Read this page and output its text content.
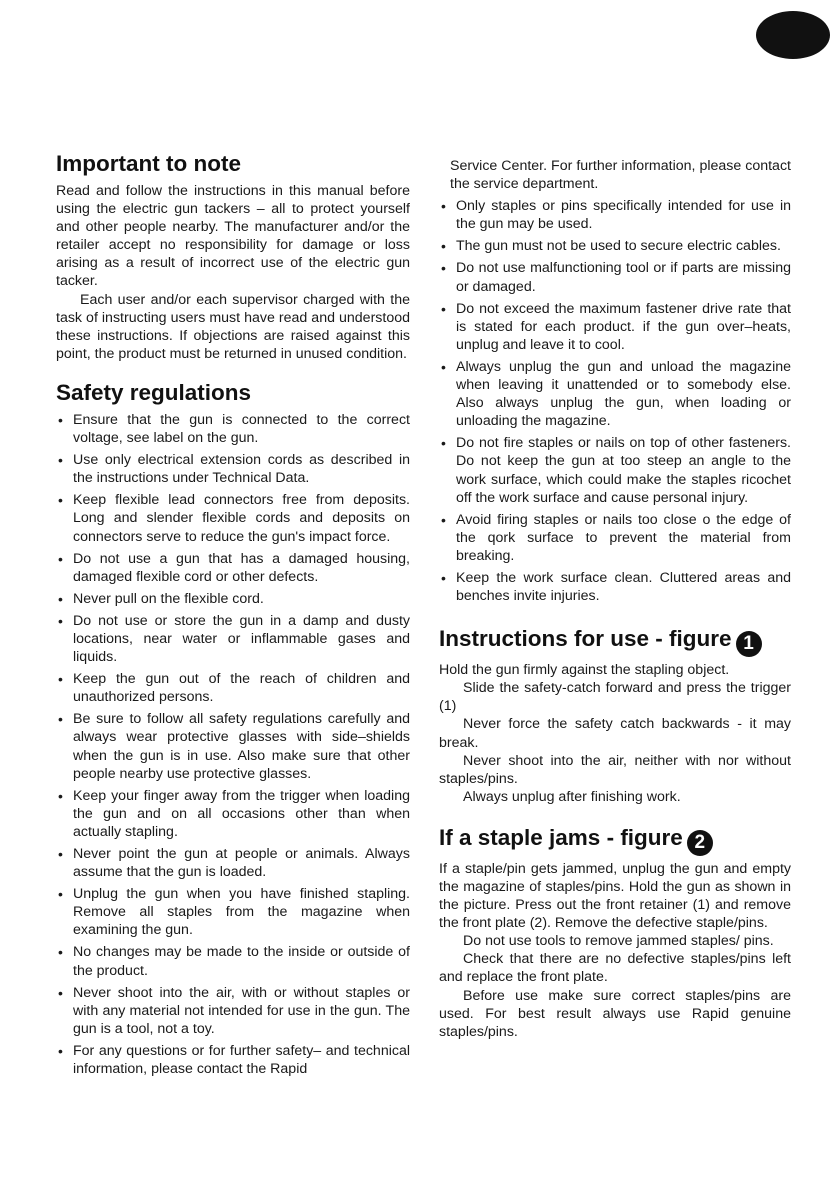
Important to note

Read and follow the instructions in this manual before using the electric gun tackers – all to protect yourself and other people nearby. The manufacturer and/or the retailer accept no responsibility for damage or loss arising as a result of incorrect use of the electric gun tacker.

Each user and/or each supervisor charged with the task of instructing users must have read and understood these instructions. If objections are raised against this point, the product must be returned in unused condition.

Safety regulations
• Ensure that the gun is connected to the correct voltage, see label on the gun.
• Use only electrical extension cords as described in the instructions under Technical Data.
• Keep flexible lead connectors free from deposits. Long and slender flexible cords and deposits on connectors serve to reduce the gun's impact force.
• Do not use a gun that has a damaged housing, damaged flexible cord or other defects.
• Never pull on the flexible cord.
• Do not use or store the gun in a damp and dusty locations, near water or inflammable gases and liquids.
• Keep the gun out of the reach of children and unauthorized persons.
• Be sure to follow all safety regulations carefully and always wear protective glasses with side–shields when the gun is in use. Also make sure that other people nearby use protective glasses.
• Keep your finger away from the trigger when loading the gun and on all occasions other than when actually stapling.
• Never point the gun at people or animals. Always assume that the gun is loaded.
• Unplug the gun when you have finished stapling. Remove all staples from the magazine when examining the gun.
• No changes may be made to the inside or outside of the product.
• Never shoot into the air, with or without staples or with any material not intended for use in the gun. The gun is a tool, not a toy.
• For any questions or for further safety– and technical information, please contact the Rapid

Service Center. For further information, please contact the service department.

• Only staples or pins specifically intended for use in the gun may be used.
• The gun must not be used to secure electric cables.
• Do not use malfunctioning tool or if parts are missing or damaged.
• Do not exceed the maximum fastener drive rate that is stated for each product. if the gun over–heats, unplug and leave it to cool.
• Always unplug the gun and unload the magazine when leaving it unattended or to somebody else. Also always unplug the gun, when loading or unloading the magazine.
• Do not fire staples or nails on top of other fasteners. Do not keep the gun at too steep an angle to the work surface, which could make the staples ricochet off the work surface and cause personal injury.
• Avoid firing staples or nails too close o the edge of the qork surface to prevent the material from breaking.
• Keep the work surface clean. Cluttered areas and benches invite injuries.
Instructions for use - figure 1

Hold the gun firmly against the stapling object.

Slide the safety-catch forward and press the trigger (1)

Never force the safety catch backwards - it may break.

Never shoot into the air, neither with nor without staples/pins.

Always unplug after finishing work.

If a staple jams - figure 2

If a staple/pin gets jammed, unplug the gun and empty the magazine of staples/pins. Hold the gun as shown in the picture. Press out the front retainer (1) and remove the front plate (2). Remove the defective staple/pins.

Do not use tools to remove jammed staples/ pins.

Check that there are no defective staples/pins left and replace the front plate.

Before use make sure correct staples/pins are used. For best result always use Rapid genuine staples/pins.
